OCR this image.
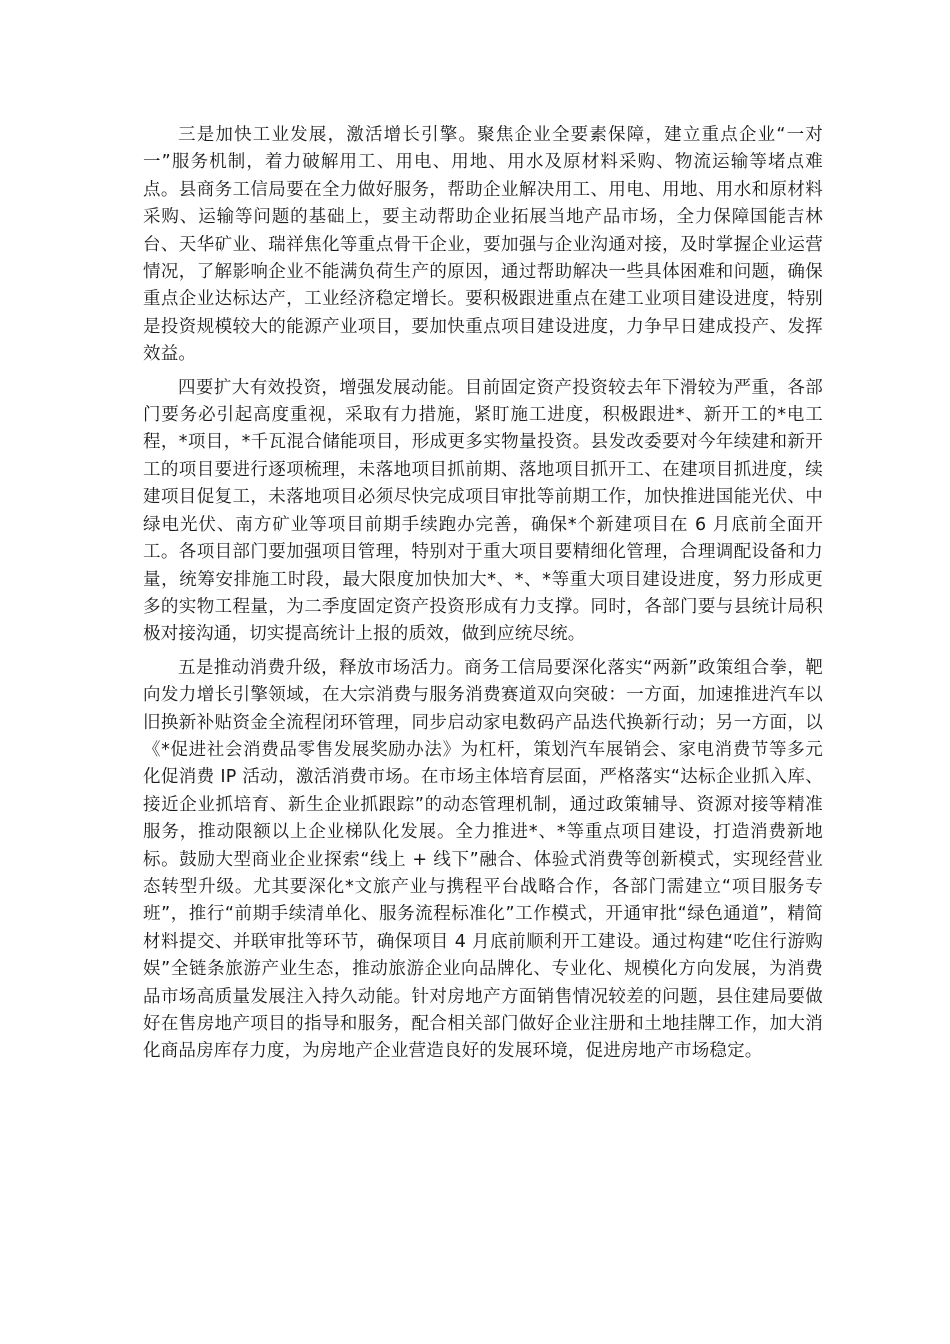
三是加快工业发展，激活增长引擎。聚焦企业全要素保障，建立重点企业“一对一”服务机制，着力破解用工、用电、用地、用水及原材料采购、物流运输等堵点难点。县商务工信局要在全力做好服务，帮助企业解决用工、用电、用地、用水和原材料采购、运输等问题的基础上，要主动帮助企业拓展当地产品市场，全力保障国能吉林台、天华矿业、瑞祥焦化等重点骨干企业，要加强与企业沟通对接，及时掌握企业运营情况，了解影响企业不能满负荷生产的原因，通过帮助解决一些具体困难和问题，确保重点企业达标达产，工业经济稳定增长。要积极跟进重点在建工业项目建设进度，特别是投资规模较大的能源产业项目，要加快重点项目建设进度，力争早日建成投产、发挥效益。

四要扩大有效投资，增强发展动能。目前固定资产投资较去年下滑较为严重，各部门要务必引起高度重视，采取有力措施，紧盯施工进度，积极跟进*、新开工的*电工程，*项目，*千瓦混合储能项目，形成更多实物量投资。县发改委要对今年续建和新开工的项目要进行逐项梳理，未落地项目抓前期、落地项目抓开工、在建项目抓进度，续建项目促复工，未落地项目必须尽快完成项目审批等前期工作，加快推进国能光伏、中绿电光伏、南方矿业等项目前期手续跑办完善，确保*个新建项目在 6 月底前全面开工。各项目部门要加强项目管理，特别对于重大项目要精细化管理，合理调配设备和力量，统筹安排施工时段，最大限度加快加大*、*、*等重大项目建设进度，努力形成更多的实物工程量，为二季度固定资产投资形成有力支撑。同时，各部门要与县统计局积极对接沟通，切实提高统计上报的质效，做到应统尽统。

五是推动消费升级，释放市场活力。商务工信局要深化落实“两新”政策组合拳，靶向发力增长引擎领域，在大宗消费与服务消费赛道双向突破：一方面，加速推进汽车以旧换新补贴资金全流程闭环管理，同步启动家电数码产品迭代换新行动；另一方面，以《*促进社会消费品零售发展奖励办法》为杠杆，策划汽车展销会、家电消费节等多元化促消费 IP 活动，激活消费市场。在市场主体培育层面，严格落实“达标企业抓入库、接近企业抓培育、新生企业抓跟踪”的动态管理机制，通过政策辅导、资源对接等精准服务，推动限额以上企业梯队化发展。全力推进*、*等重点项目建设，打造消费新地标。鼓励大型商业企业探索“线上 + 线下”融合、体验式消费等创新模式，实现经营业态转型升级。尤其要深化*文旅产业与携程平台战略合作，各部门需建立“项目服务专班”，推行“前期手续清单化、服务流程标准化”工作模式，开通审批“绿色通道”，精简材料提交、并联审批等环节，确保项目 4 月底前顺利开工建设。通过构建“吃住行游购娱”全链条旅游产业生态，推动旅游企业向品牌化、专业化、规模化方向发展，为消费品市场高质量发展注入持久动能。针对房地产方面销售情况较差的问题，县住建局要做好在售房地产项目的指导和服务，配合相关部门做好企业注册和土地挂牌工作，加大消化商品房库存力度，为房地产企业营造良好的发展环境，促进房地产市场稳定。
